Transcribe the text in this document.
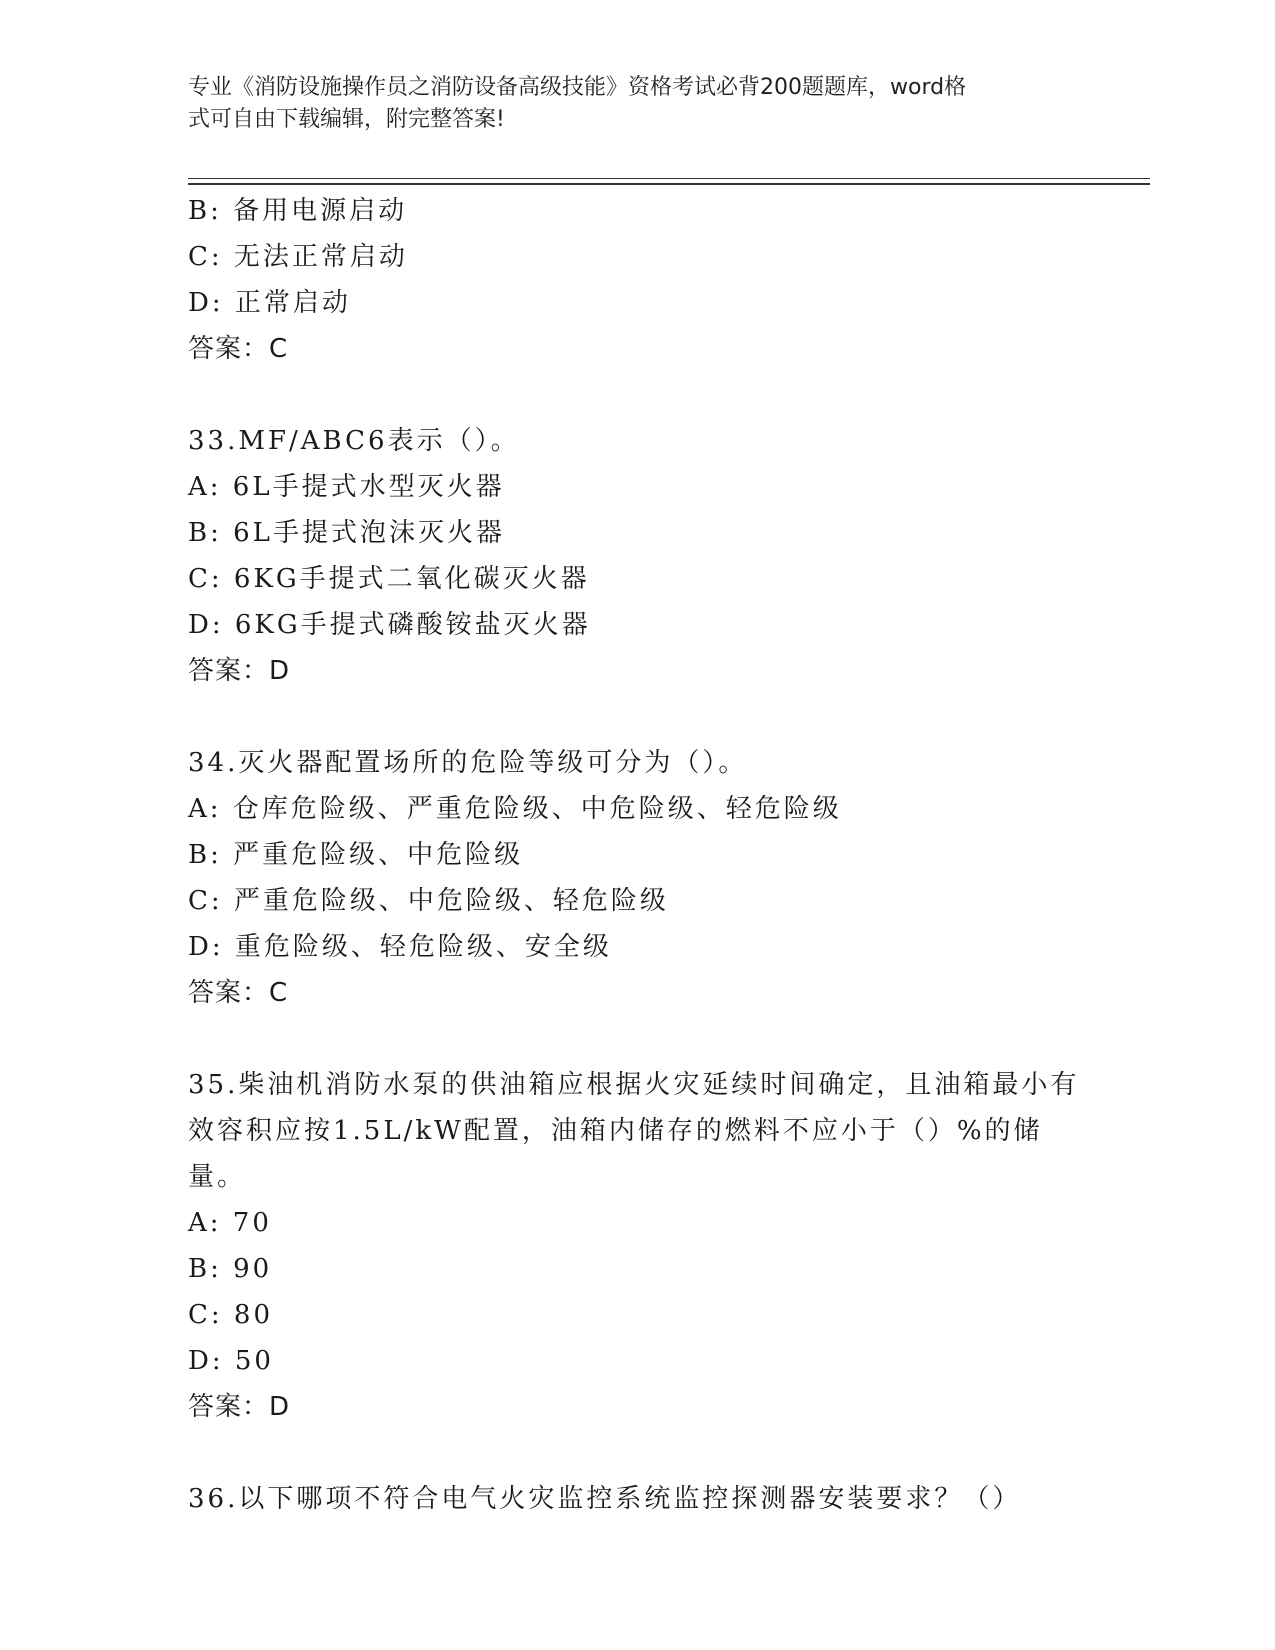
专业《消防设施操作员之消防设备高级技能》资格考试必背200题题库，word格
式可自由下载编辑，附完整答案!
B: 备用电源启动
C: 无法正常启动
D: 正常启动
答案：C
33.MF/ABC6表示（）。
A: 6L手提式水型灭火器
B: 6L手提式泡沫灭火器
C: 6KG手提式二氧化碳灭火器
D: 6KG手提式磷酸铵盐灭火器
答案：D
34.灭火器配置场所的危险等级可分为（）。
A: 仓库危险级、严重危险级、中危险级、轻危险级
B: 严重危险级、中危险级
C: 严重危险级、中危险级、轻危险级
D: 重危险级、轻危险级、安全级
答案：C
35.柴油机消防水泵的供油箱应根据火灾延续时间确定，且油箱最小有
效容积应按1.5L/kW配置，油箱内储存的燃料不应小于（）%的储量。
A: 70
B: 90
C: 80
D: 50
答案：D
36.以下哪项不符合电气火灾监控系统监控探测器安装要求？（）
